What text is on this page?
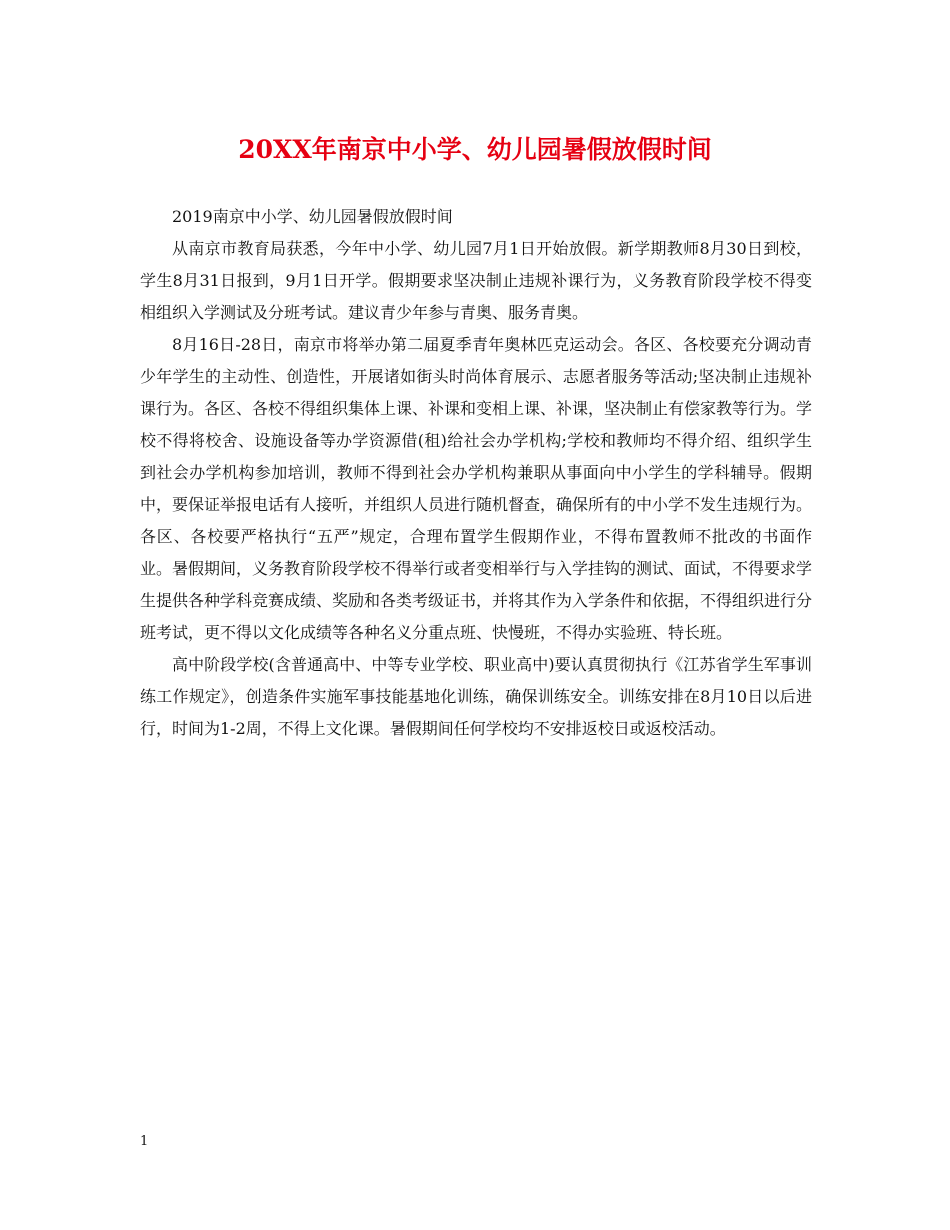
20XX年南京中小学、幼儿园暑假放假时间

2019南京中小学、幼儿园暑假放假时间

从南京市教育局获悉，今年中小学、幼儿园7月1日开始放假。新学期教师8月30日到校，学生8月31日报到，9月1日开学。假期要求坚决制止违规补课行为，义务教育阶段学校不得变相组织入学测试及分班考试。建议青少年参与青奥、服务青奥。

8月16日-28日，南京市将举办第二届夏季青年奥林匹克运动会。各区、各校要充分调动青少年学生的主动性、创造性，开展诸如街头时尚体育展示、志愿者服务等活动;坚决制止违规补课行为。各区、各校不得组织集体上课、补课和变相上课、补课，坚决制止有偿家教等行为。学校不得将校舍、设施设备等办学资源借(租)给社会办学机构;学校和教师均不得介绍、组织学生到社会办学机构参加培训，教师不得到社会办学机构兼职从事面向中小学生的学科辅导。假期中，要保证举报电话有人接听，并组织人员进行随机督查，确保所有的中小学不发生违规行为。各区、各校要严格执行“五严”规定，合理布置学生假期作业，不得布置教师不批改的书面作业。暑假期间，义务教育阶段学校不得举行或者变相举行与入学挂钩的测试、面试，不得要求学生提供各种学科竞赛成绩、奖励和各类考级证书，并将其作为入学条件和依据，不得组织进行分班考试，更不得以文化成绩等各种名义分重点班、快慢班，不得办实验班、特长班。

高中阶段学校(含普通高中、中等专业学校、职业高中)要认真贯彻执行《江苏省学生军事训练工作规定》，创造条件实施军事技能基地化训练，确保训练安全。训练安排在8月10日以后进行，时间为1-2周，不得上文化课。暑假期间任何学校均不安排返校日或返校活动。

1
